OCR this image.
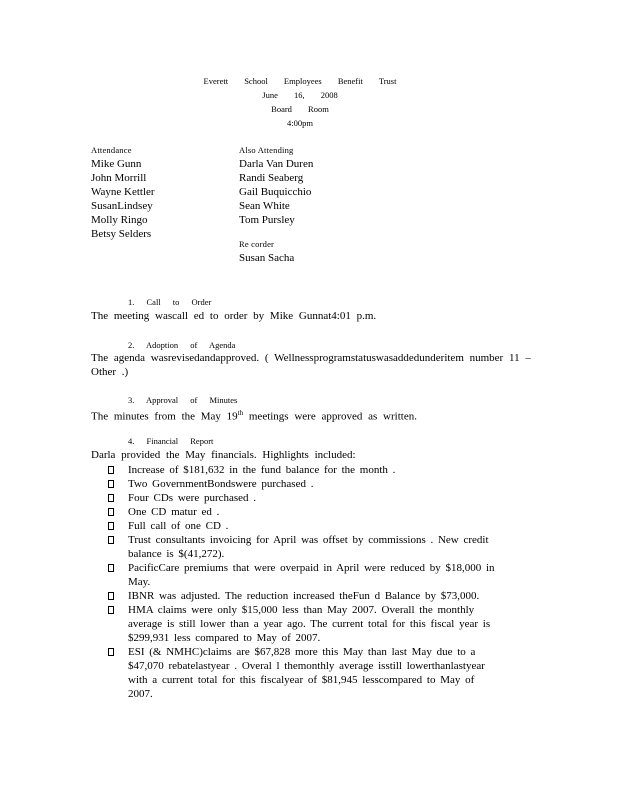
Everett School Employees Benefit Trust
June 16, 2008
Board Room
4:00pm
Attendance
Mike Gunn
John Morrill
Wayne Kettler
SusanLindsey
Molly Ringo
Betsy Selders
Also Attending
Darla Van Duren
Randi Seaberg
Gail Buquicchio
Sean White
Tom Pursley
Re corder
Susan Sacha
1. Call to Order
The meeting wascall ed to order by Mike Gunnat4:01 p.m.
2. Adoption of Agenda
The agenda wasrevisedandapproved. ( Wellnessprogramstatuswasaddedunderitem number 11 – Other .)
3. Approval of Minutes
The minutes from the May 19th meetings were approved as written.
4. Financial Report
Darla provided the May financials. Highlights included:
Increase of $181,632 in the fund balance for the month .
Two GovernmentBondswere purchased .
Four CDs were purchased .
One CD matur ed .
Full call of one CD .
Trust consultants invoicing for April was offset by commissions . New credit balance is $(41,272).
PacificCare premiums that were overpaid in April were reduced by $18,000 in May.
IBNR was adjusted. The reduction increased theFun d Balance by $73,000.
HMA claims were only $15,000 less than May 2007. Overall the monthly average is still lower than a year ago. The current total for this fiscal year is $299,931 less compared to May of 2007.
ESI (& NMHC)claims are $67,828 more this May than last May due to a $47,070 rebatelastyear . Overal l themonthly average isstill lowerthanlastyear with a current total for this fiscalyear of $81,945 lesscompared to May of 2007.
